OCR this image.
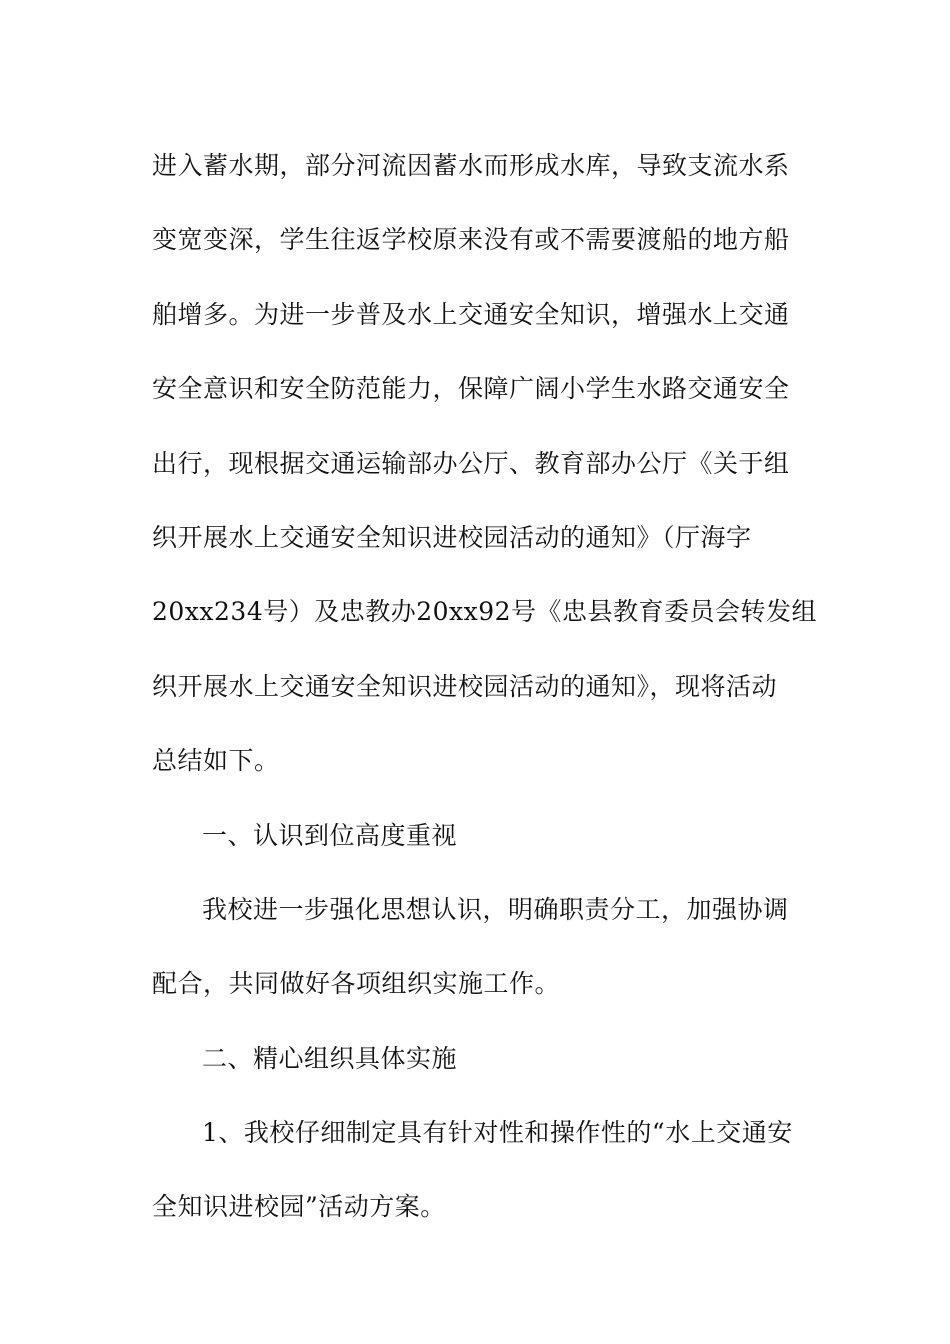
进入蓄水期，部分河流因蓄水而形成水库，导致支流水系
变宽变深，学生往返学校原来没有或不需要渡船的地方船
舶增多。为进一步普及水上交通安全知识，增强水上交通
安全意识和安全防范能力，保障广阔小学生水路交通安全
出行，现根据交通运输部办公厅、教育部办公厅《关于组
织开展水上交通安全知识进校园活动的通知》（厅海字
20xx234号）及忠教办20xx92号《忠县教育委员会转发组
织开展水上交通安全知识进校园活动的通知》，现将活动
总结如下。
一、认识到位高度重视
我校进一步强化思想认识，明确职责分工，加强协调
配合，共同做好各项组织实施工作。
二、精心组织具体实施
1、我校仔细制定具有针对性和操作性的“水上交通安
全知识进校园”活动方案。
